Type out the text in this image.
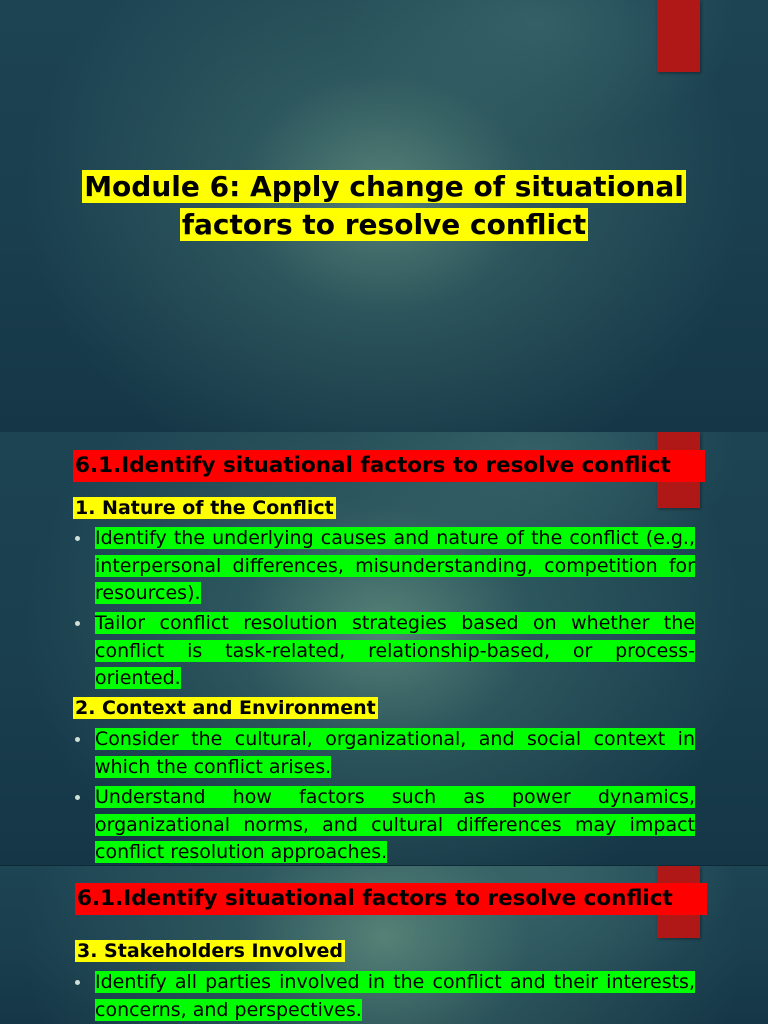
Module 6: Apply change of situational
factors to resolve conflict
6.1.Identify situational factors to resolve conflict
1. Nature of the Conflict
Identify the underlying causes and nature of the conflict (e.g., interpersonal differences, misunderstanding, competition for resources).
Tailor conflict resolution strategies based on whether the conflict is task-related, relationship-based, or process-oriented.
2. Context and Environment
Consider the cultural, organizational, and social context in which the conflict arises.
Understand how factors such as power dynamics, organizational norms, and cultural differences may impact conflict resolution approaches.
6.1.Identify situational factors to resolve conflict
3. Stakeholders Involved
Identify all parties involved in the conflict and their interests, concerns, and perspectives.
